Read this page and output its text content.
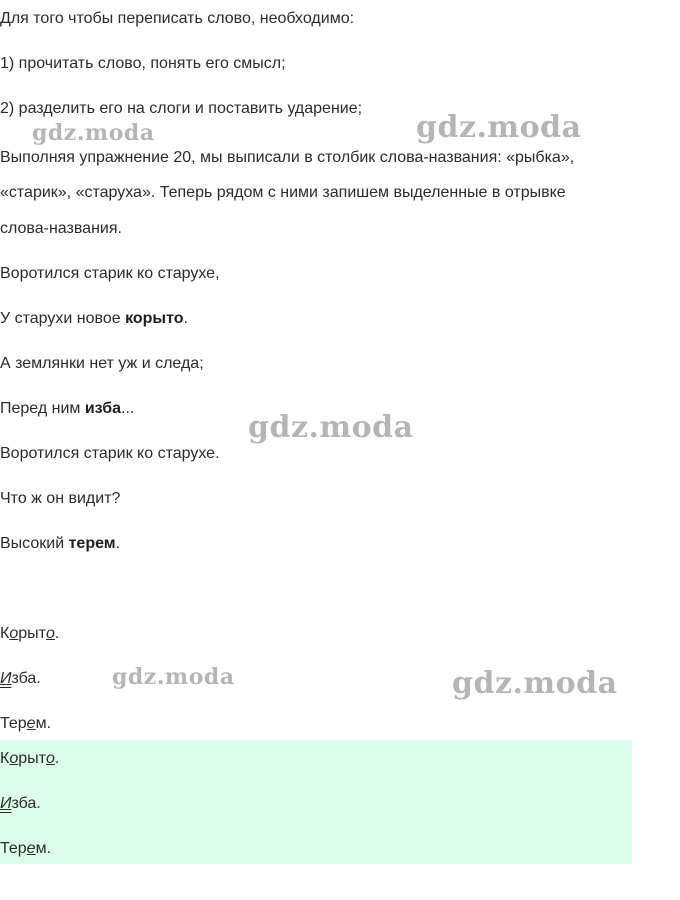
Для того чтобы переписать слово, необходимо:
1) прочитать слово, понять его смысл;
2) разделить его на слоги и поставить ударение;
Выполняя упражнение 20, мы выписали в столбик слова-названия: «рыбка»,
«старик», «старуха». Теперь рядом с ними запишем выделенные в отрывке
слова-названия.
Воротился старик ко старухе,
У старухи новое корыто.
А землянки нет уж и следа;
Перед ним изба...
Воротился старик ко старухе.
Что ж он видит?
Высокий терем.
Корыто.
Изба.
Терем.
Корыто.
Изба.
Терем.
gdz.moda	gdz.moda
gdz.moda
gdz.moda	gdz.moda
